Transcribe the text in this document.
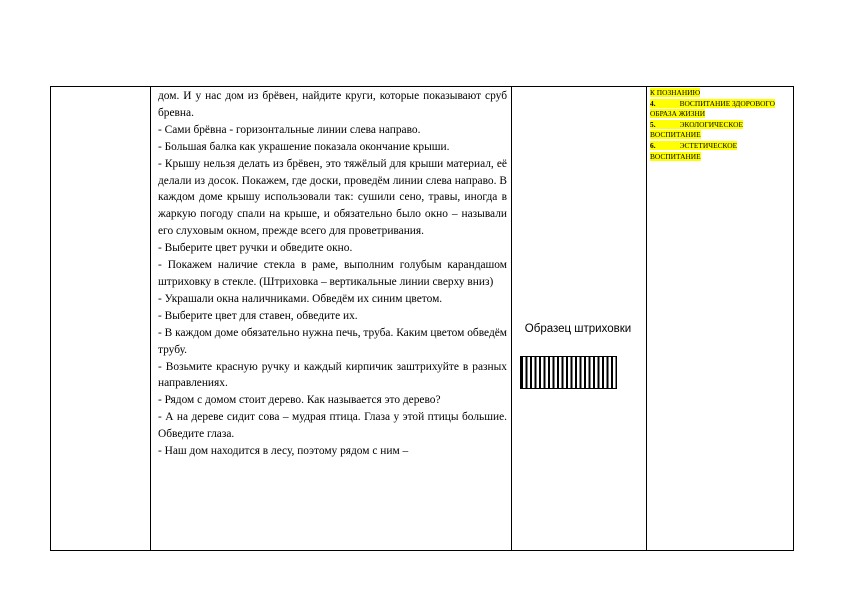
дом. И у нас дом из брёвен, найдите круги, которые показывают сруб бревна.

- Сами брёвна - горизонтальные линии слева направо.

- Большая балка как украшение показала окончание крыши.

- Крышу нельзя делать из брёвен, это тяжёлый для крыши материал, её делали из досок. Покажем, где доски, проведём линии слева направо. В каждом доме крышу использовали так: сушили сено, травы, иногда в жаркую погоду спали на крыше, и обязательно было окно – называли его слуховым окном, прежде всего для проветривания.

- Выберите цвет ручки и обведите окно.

- Покажем наличие стекла в раме, выполним голубым карандашом штриховку в стекле. (Штриховка – вертикальные линии сверху вниз)

- Украшали окна наличниками. Обведём их синим цветом.

- Выберите цвет для ставен, обведите их.

- В каждом доме обязательно нужна печь, труба. Каким цветом обведём трубу.

- Возьмите красную ручку и каждый кирпичик заштрихуйте в разных направлениях.

- Рядом с домом стоит дерево. Как называется это дерево?

- А на дереве сидит сова – мудрая птица. Глаза у этой птицы большие. Обведите глаза.

- Наш дом находится в лесу, поэтому рядом с ним –

Образец штриховки

К ПОЗНАНИЮ

4.	ВОСПИТАНИЕ ЗДОРОВОГО ОБРАЗА ЖИЗНИ

5.	ЭКОЛОГИЧЕСКОЕ ВОСПИТАНИЕ

6.	ЭСТЕТИЧЕСКОЕ ВОСПИТАНИЕ
